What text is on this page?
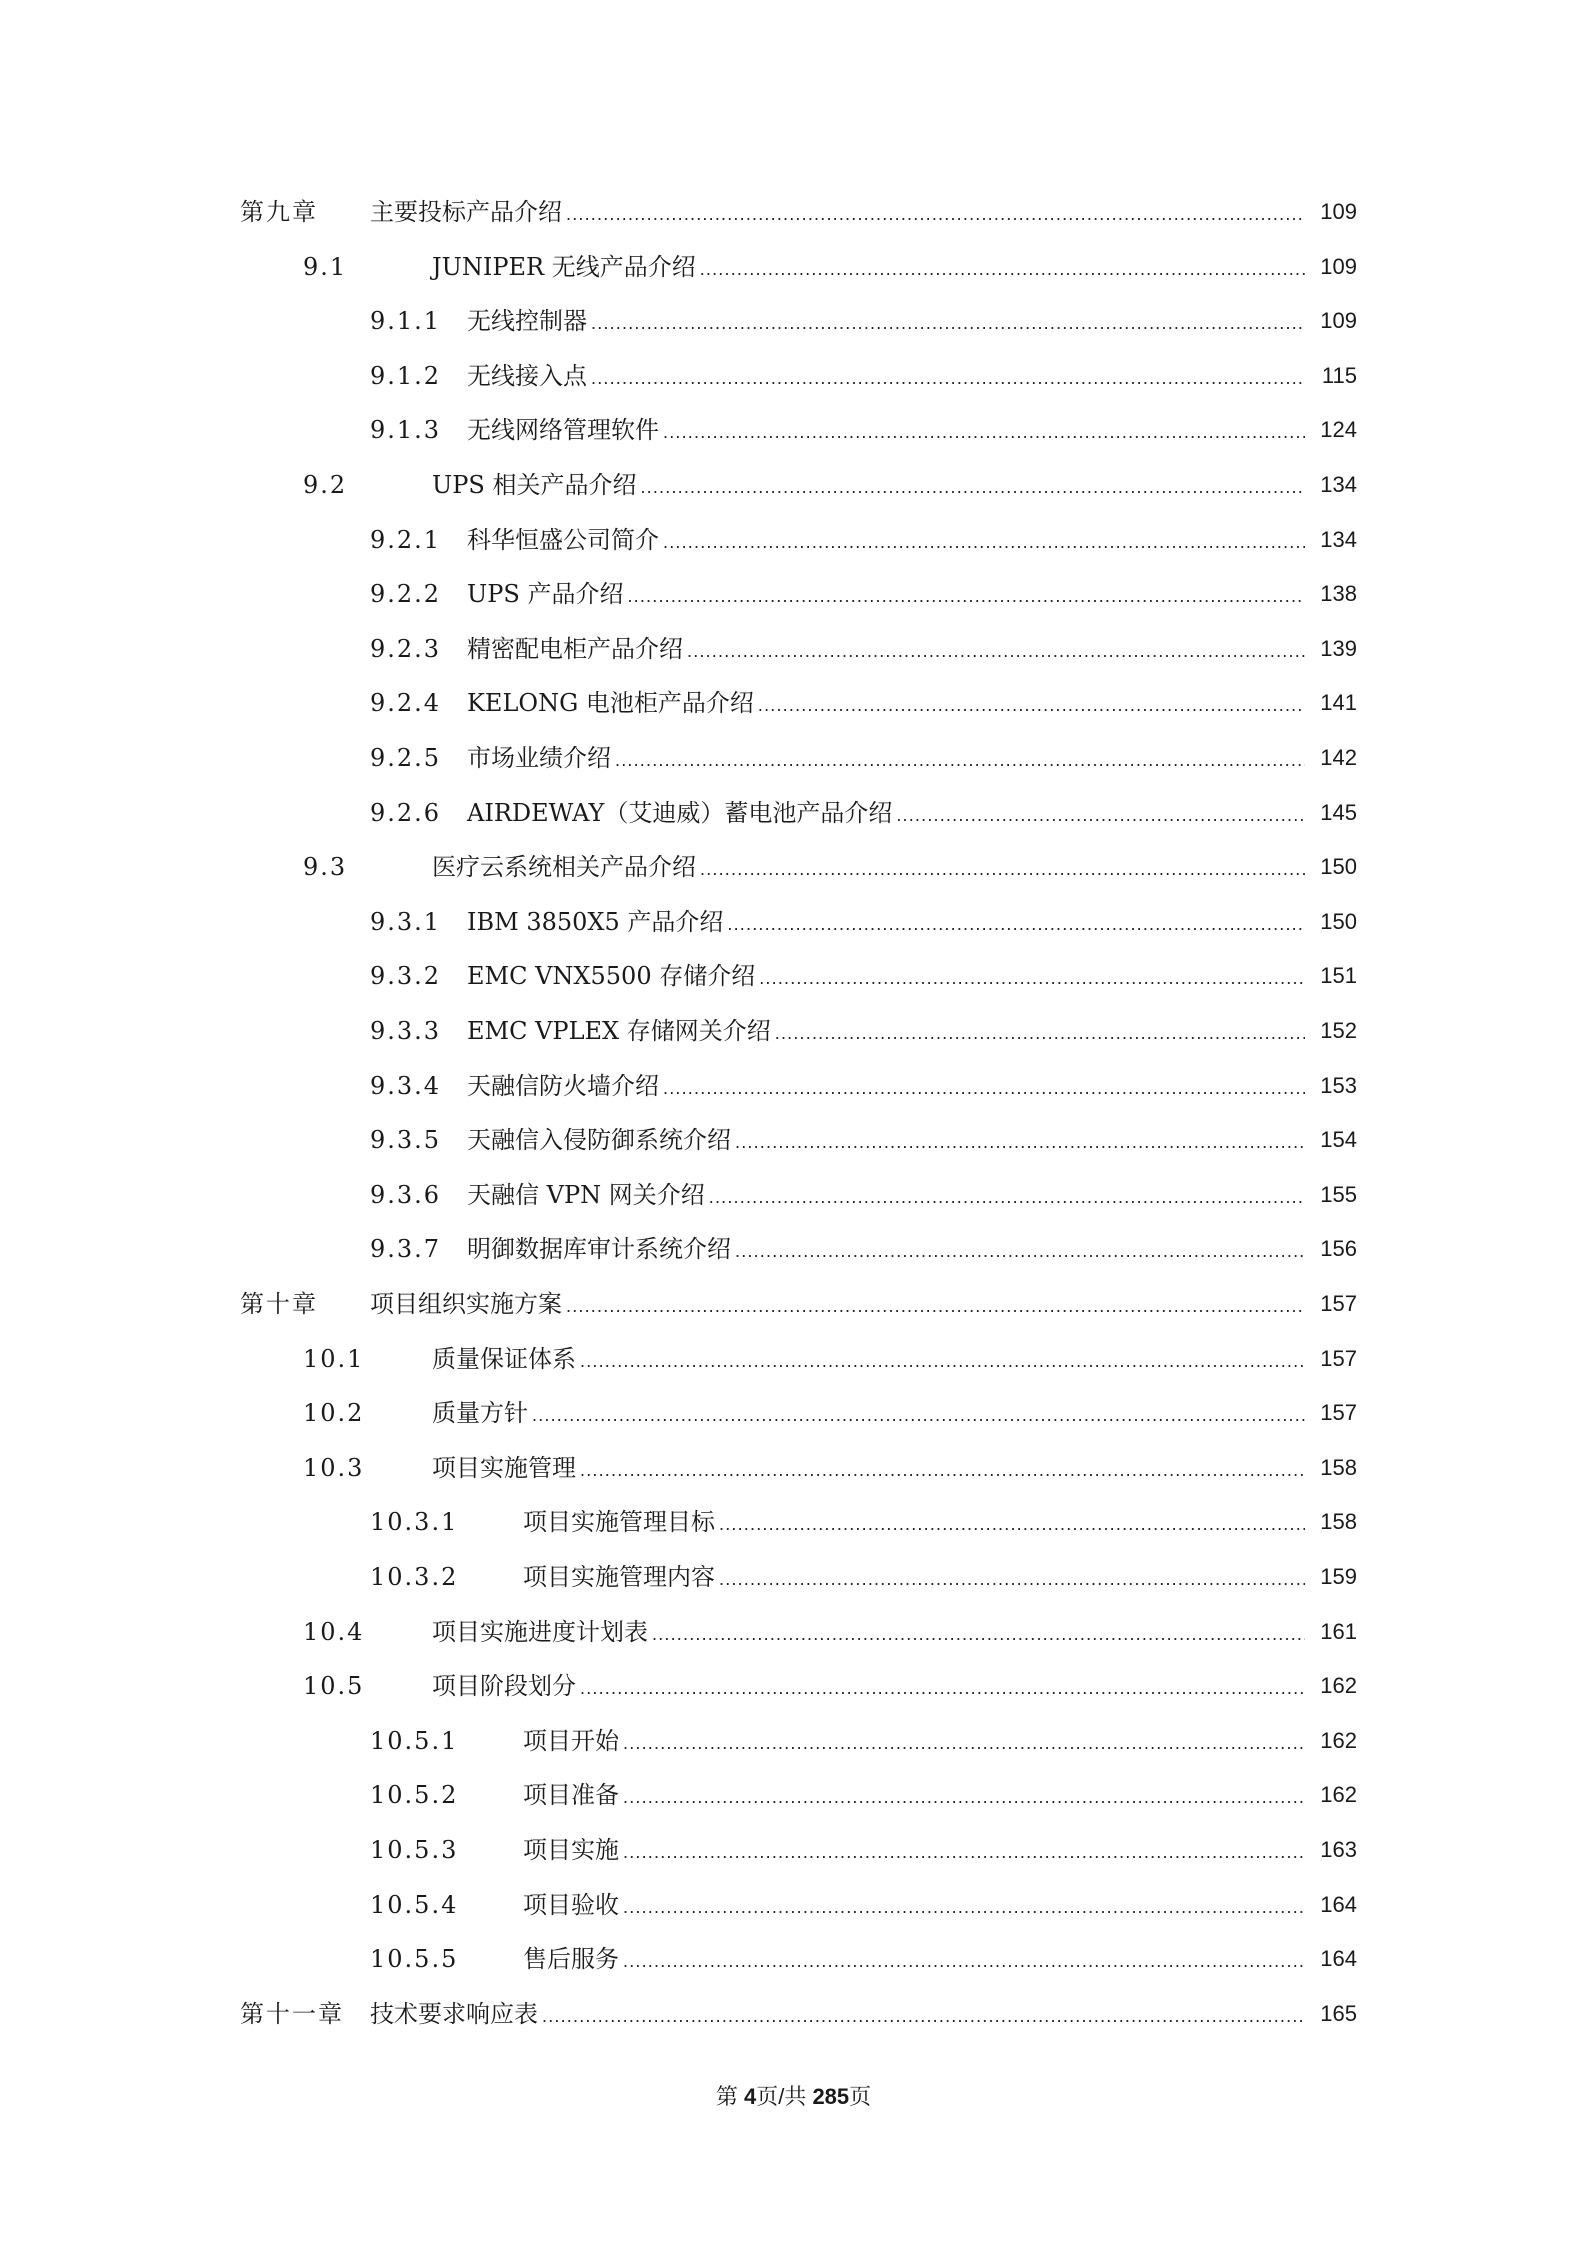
第九章 主要投标产品介绍 .....	109
9.1	JUNIPER 无线产品介绍 .....	109
9.1.1 无线控制器 .....	109
9.1.2 无线接入点 .....	115
9.1.3 无线网络管理软件 .....	124
9.2	UPS 相关产品介绍 .....	134
9.2.1 科华恒盛公司简介 .....	134
9.2.2 UPS 产品介绍 .....	138
9.2.3 精密配电柜产品介绍 .....	139
9.2.4 KELONG 电池柜产品介绍 .....	141
9.2.5 市场业绩介绍 .....	142
9.2.6 AIRDEWAY（艾迪威）蓄电池产品介绍 .....	145
9.3	医疗云系统相关产品介绍 .....	150
9.3.1 IBM 3850X5 产品介绍 .....	150
9.3.2 EMC VNX5500 存储介绍 .....	151
9.3.3 EMC VPLEX 存储网关介绍 .....	152
9.3.4 天融信防火墙介绍 .....	153
9.3.5 天融信入侵防御系统介绍 .....	154
9.3.6 天融信 VPN 网关介绍 .....	155
9.3.7 明御数据库审计系统介绍 .....	156
第十章 项目组织实施方案 .....	157
10.1	质量保证体系 .....	157
10.2	质量方针 .....	157
10.3	项目实施管理 .....	158
10.3.1	项目实施管理目标 .....	158
10.3.2	项目实施管理内容 .....	159
10.4	项目实施进度计划表 .....	161
10.5	项目阶段划分 .....	162
10.5.1	项目开始 .....	162
10.5.2	项目准备 .....	162
10.5.3	项目实施 .....	163
10.5.4	项目验收 .....	164
10.5.5	售后服务 .....	164
第十一章 技术要求响应表 .....	165
第 4页/共 285页
